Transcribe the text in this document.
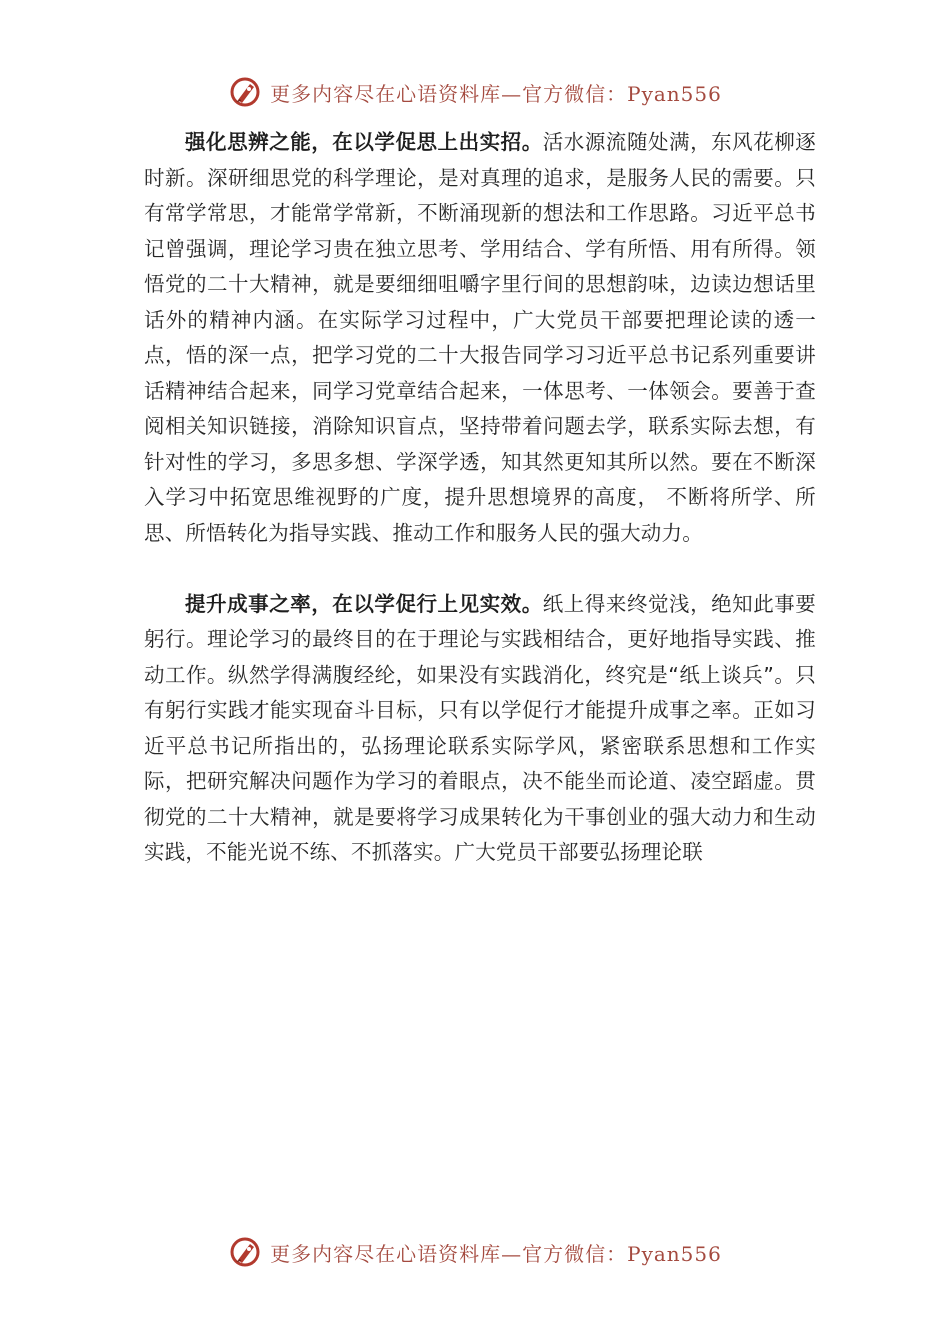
更多内容尽在心语资料库—官方微信：Pyan556

强化思辨之能，在以学促思上出实招。活水源流随处满，东风花柳逐时新。深研细思党的科学理论，是对真理的追求，是服务人民的需要。只有常学常思，才能常学常新，不断涌现新的想法和工作思路。习近平总书记曾强调，理论学习贵在独立思考、学用结合、学有所悟、用有所得。领悟党的二十大精神，就是要细细咀嚼字里行间的思想韵味，边读边想话里话外的精神内涵。在实际学习过程中，广大党员干部要把理论读的透一点，悟的深一点，把学习党的二十大报告同学习习近平总书记系列重要讲话精神结合起来，同学习党章结合起来，一体思考、一体领会。要善于查阅相关知识链接，消除知识盲点，坚持带着问题去学，联系实际去想，有针对性的学习，多思多想、学深学透，知其然更知其所以然。要在不断深入学习中拓宽思维视野的广度，提升思想境界的高度， 不断将所学、所思、所悟转化为指导实践、推动工作和服务人民的强大动力。

提升成事之率，在以学促行上见实效。纸上得来终觉浅，绝知此事要躬行。理论学习的最终目的在于理论与实践相结合，更好地指导实践、推动工作。纵然学得满腹经纶，如果没有实践消化，终究是“纸上谈兵”。只有躬行实践才能实现奋斗目标，只有以学促行才能提升成事之率。正如习近平总书记所指出的，弘扬理论联系实际学风，紧密联系思想和工作实际，把研究解决问题作为学习的着眼点，决不能坐而论道、凌空蹈虚。贯彻党的二十大精神，就是要将学习成果转化为干事创业的强大动力和生动实践，不能光说不练、不抓落实。广大党员干部要弘扬理论联

更多内容尽在心语资料库—官方微信：Pyan556
